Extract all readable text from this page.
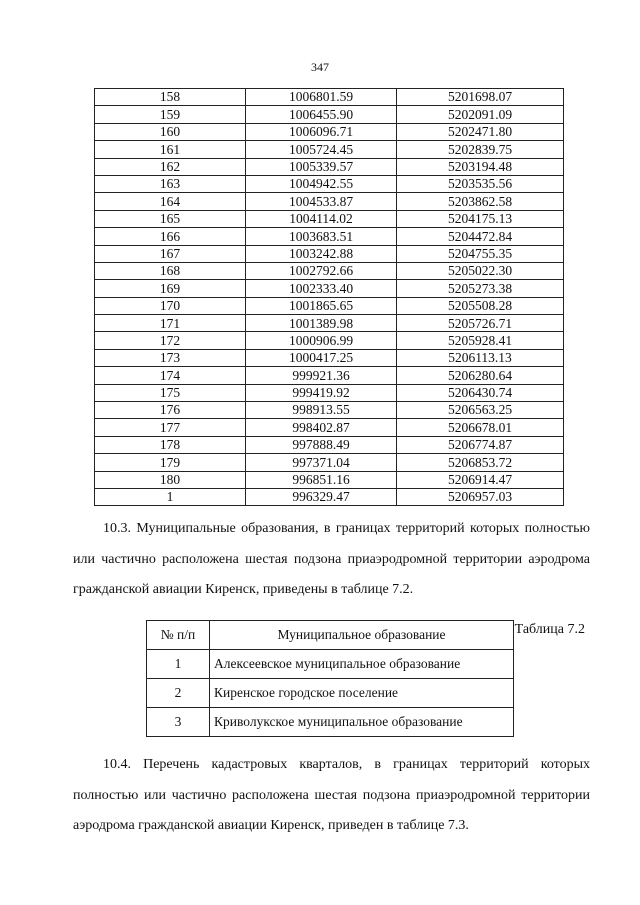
347
158	1006801.59	5201698.07
159	1006455.90	5202091.09
160	1006096.71	5202471.80
161	1005724.45	5202839.75
162	1005339.57	5203194.48
163	1004942.55	5203535.56
164	1004533.87	5203862.58
165	1004114.02	5204175.13
166	1003683.51	5204472.84
167	1003242.88	5204755.35
168	1002792.66	5205022.30
169	1002333.40	5205273.38
170	1001865.65	5205508.28
171	1001389.98	5205726.71
172	1000906.99	5205928.41
173	1000417.25	5206113.13
174	999921.36	5206280.64
175	999419.92	5206430.74
176	998913.55	5206563.25
177	998402.87	5206678.01
178	997888.49	5206774.87
179	997371.04	5206853.72
180	996851.16	5206914.47
1	996329.47	5206957.03
10.3. Муниципальные образования, в границах территорий которых полностью
или частично расположена шестая подзона приаэродромной территории аэродрома
гражданской авиации Киренск, приведены в таблице 7.2.
Таблица 7.2
№ п/п	Муниципальное образование
1	Алексеевское муниципальное образование
2	Киренское городское поселение
3	Криволукское муниципальное образование
10.4. Перечень кадастровых кварталов, в границах территорий которых
полностью или частично расположена шестая подзона приаэродромной территории
аэродрома гражданской авиации Киренск, приведен в таблице 7.3.
